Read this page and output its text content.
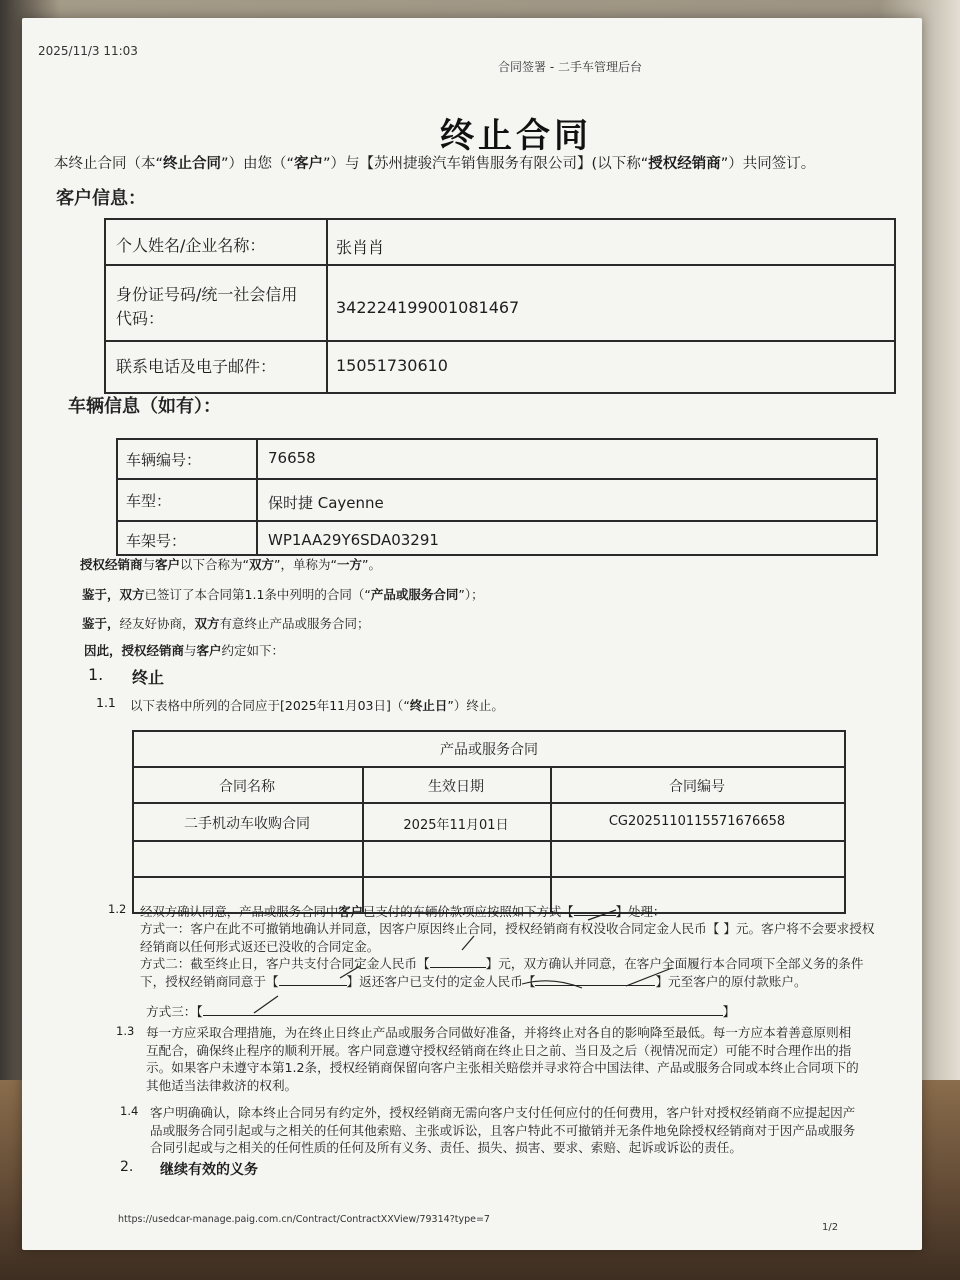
2025/11/3 11:03
合同签署 - 二手车管理后台
终止合同
本终止合同（本“终止合同”）由您（“客户”）与【苏州捷骏汽车销售服务有限公司】(以下称“授权经销商”）共同签订。
客户信息：
个人姓名/企业名称：	张肖肖
身份证号码/统一社会信用
代码：
342224199001081467
联系电话及电子邮件：	15051730610
车辆信息（如有）：
车辆编号：	76658
车型：	保时捷 Cayenne
车架号：	WP1AA29Y6SDA03291
授权经销商与客户以下合称为“双方”，单称为“一方”。
鉴于，双方已签订了本合同第1.1条中列明的合同（“产品或服务合同”）；
鉴于，经友好协商，双方有意终止产品或服务合同；
因此，授权经销商与客户约定如下：
1. 终止
1.1 以下表格中所列的合同应于[2025年11月03日]（“终止日”）终止。
产品或服务合同
合同名称	生效日期	合同编号
二手机动车收购合同	2025年11月01日	CG2025110115571676658
1.2 经双方确认同意，产品或服务合同中客户已支付的车辆价款项应按照如下方式【	】处理：
方式一：客户在此不可撤销地确认并同意，因客户原因终止合同，授权经销商有权没收合同定金人民币【 】元。客户将不会要求授权经销商以任何形式返还已没收的合同定金。
方式二：截至终止日，客户共支付合同定金人民币【	】元，双方确认并同意，在客户全面履行本合同项下全部义务的条件下，授权经销商同意于【	】返还客户已支付的定金人民币【	】元至客户的原付款账户。
方式三：【	】
1.3 每一方应采取合理措施，为在终止日终止产品或服务合同做好准备，并将终止对各自的影响降至最低。每一方应本着善意原则相互配合，确保终止程序的顺利开展。客户同意遵守授权经销商在终止日之前、当日及之后（视情况而定）可能不时合理作出的指示。如果客户未遵守本第1.2条，授权经销商保留向客户主张相关赔偿并寻求符合中国法律、产品或服务合同或本终止合同项下的其他适当法律救济的权利。
1.4 客户明确确认，除本终止合同另有约定外，授权经销商无需向客户支付任何应付的任何费用，客户针对授权经销商不应提起因产品或服务合同引起或与之相关的任何其他索赔、主张或诉讼，且客户特此不可撤销并无条件地免除授权经销商对于因产品或服务合同引起或与之相关的任何性质的任何及所有义务、责任、损失、损害、要求、索赔、起诉或诉讼的责任。
2. 继续有效的义务
https://usedcar-manage.paig.com.cn/Contract/ContractXXView/79314?type=7
1/2
